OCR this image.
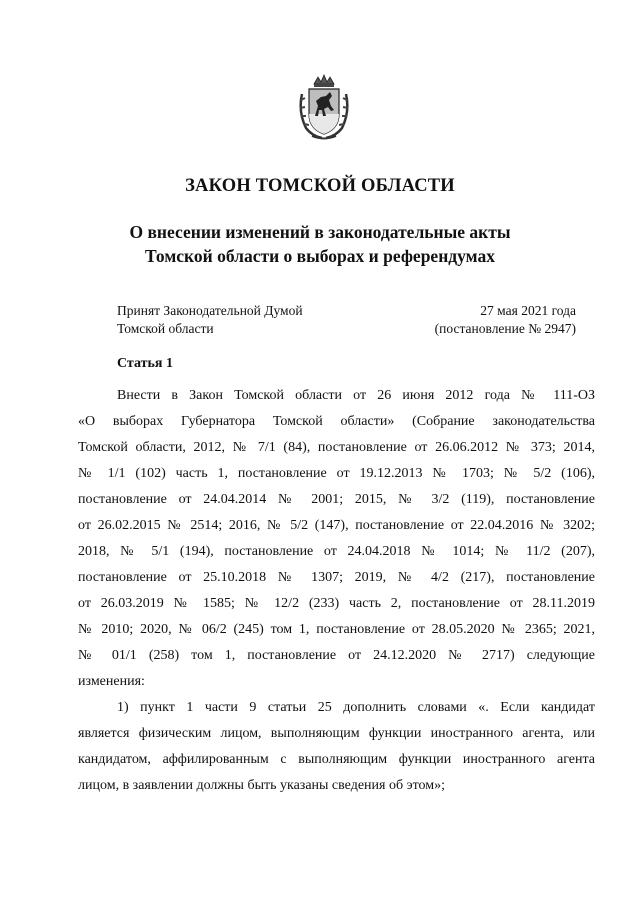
ЗАКОН ТОМСКОЙ ОБЛАСТИ
О внесении изменений в законодательные акты
Томской области о выборах и референдумах
Принят Законодательной Думой
Томской области
27 мая 2021 года
(постановление № 2947)
Статья 1
Внести в Закон Томской области от 26 июня 2012 года № 111-ОЗ
«О выборах Губернатора Томской области» (Собрание законодательства
Томской области, 2012, № 7/1 (84), постановление от 26.06.2012 № 373; 2014,
№ 1/1 (102) часть 1, постановление от 19.12.2013 № 1703; № 5/2 (106),
постановление от 24.04.2014 № 2001; 2015, № 3/2 (119), постановление
от 26.02.2015 № 2514; 2016, № 5/2 (147), постановление от 22.04.2016 № 3202;
2018, № 5/1 (194), постановление от 24.04.2018 № 1014; № 11/2 (207),
постановление от 25.10.2018 № 1307; 2019, № 4/2 (217), постановление
от 26.03.2019 № 1585; № 12/2 (233) часть 2, постановление от 28.11.2019
№ 2010; 2020, № 06/2 (245) том 1, постановление от 28.05.2020 № 2365; 2021,
№ 01/1 (258) том 1, постановление от 24.12.2020 № 2717) следующие
изменения:
1) пункт 1 части 9 статьи 25 дополнить словами «. Если кандидат
является физическим лицом, выполняющим функции иностранного агента, или
кандидатом, аффилированным с выполняющим функции иностранного агента
лицом, в заявлении должны быть указаны сведения об этом»;
